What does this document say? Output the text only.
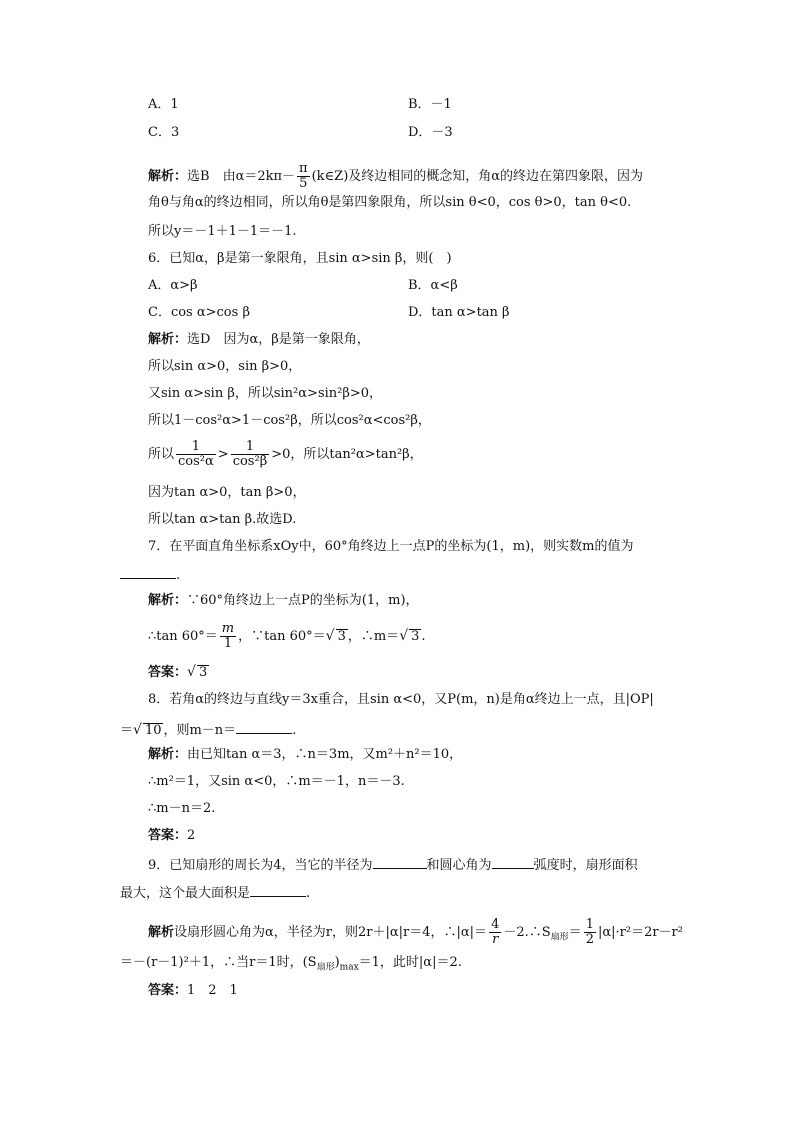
A．1	B．－1
C．3	D．－3
解析：选B　由$\alpha=2k\pi- \frac{\pi}{5}$ (k∈Z)及终边相同的概念知，角α的终边在第四象限，因为
角θ与角α的终边相同，所以角θ是第四象限角，所以sin θ<0，cos θ>0，tan θ<0.
所以y＝－1＋1－1＝－1.
6．已知α，β是第一象限角，且sin α>sin β，则(　)
A．α>β	B．α<β
C．cos α>cos β	D．tan α>tan β
解析：选D　因为α，β是第一象限角，
所以sin α>0，sin β>0，
又sin α>sin β，所以sin²α>sin²β>0，
所以1－cos²α>1－cos²β，所以cos²α<cos²β，
所以 $\frac{1}{\text{cos²α}} > \frac{1}{\text{cos²β}} >0$，所以tan²α>tan²β，
因为tan α>0，tan β>0，
所以tan α>tan β.故选D.
7．在平面直角坐标系xOy中，60°角终边上一点P的坐标为(1，m)，则实数m的值为
.
解析：∵60°角终边上一点P的坐标为(1，m)，
∴tan $60^\circ= \frac{m}{1}$ ，∵tan 60°＝√ 3 ，∴m＝√ 3 .
答案：√ 3
8．若角α的终边与直线y＝3x重合，且sin α<0，又P(m，n)是角α终边上一点，且|OP|
＝√ 10 ，则m－n＝	.
解析：由已知tan α＝3，∴n＝3m，又m²＋n²＝10，
∴m²＝1，又sin α<0，∴m＝－1，n＝－3.
∴m－n＝2.
答案：2
9．已知扇形的周长为4，当它的半径为	和圆心角为	弧度时，扇形面积
最大，这个最大面积是	.
解析设扇形圆心角为α，半径为r，则2r＋|α|r＝4，∴|α|＝ $\frac{4}{r}$ $-2.\therefore S_{扇形}= \frac{1}{2} |\alpha|\cdot r^2=2r-r^2$
＝－(r－1)²＋1，∴当r＝1时，$(S_{扇形})_{max}=1$，此时|α|＝2.
答案：1　2　1
